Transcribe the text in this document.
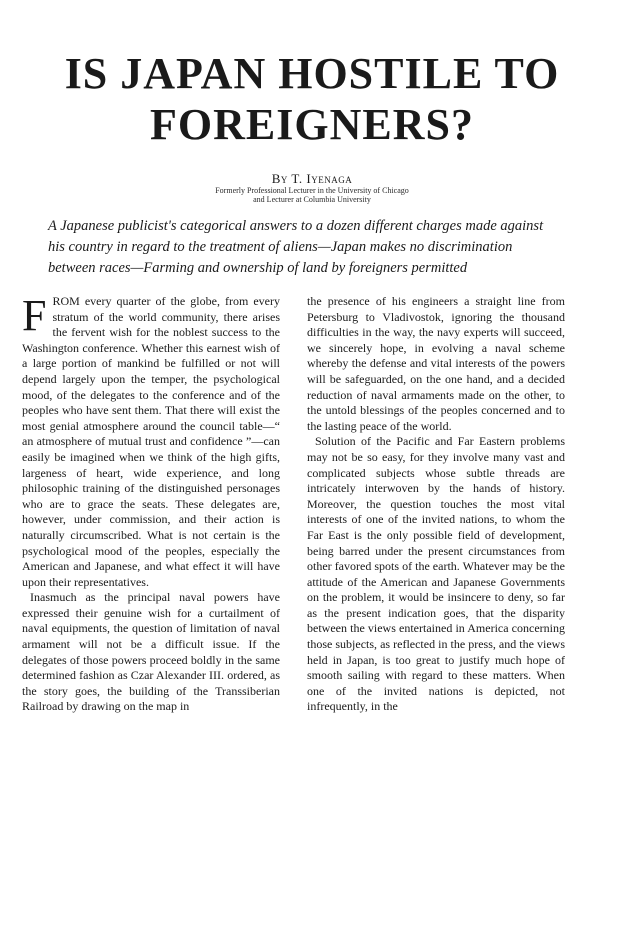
IS JAPAN HOSTILE TO
FOREIGNERS?

By T. Iyenaga

Formerly Professional Lecturer in the University of Chicago

and Lecturer at Columbia University

A Japanese publicist's categorical answers to a dozen different charges made against his country in regard to the treatment of aliens—Japan makes no discrimination between races—Farming and ownership of land by foreigners permitted

FROM every quarter of the globe, from every stratum of the world community, there arises the fervent wish for the noblest success to the Washington conference. Whether this earnest wish of a large portion of mankind be fulfilled or not will depend largely upon the temper, the psychological mood, of the delegates to the conference and of the peoples who have sent them. That there will exist the most genial atmosphere around the council table—“ an atmosphere of mutual trust and confidence ”—can easily be imagined when we think of the high gifts, largeness of heart, wide experience, and long philosophic training of the distinguished personages who are to grace the seats. These delegates are, however, under commission, and their action is naturally circumscribed. What is not certain is the psychological mood of the peoples, especially the American and Japanese, and what effect it will have upon their representatives.

Inasmuch as the principal naval powers have expressed their genuine wish for a curtailment of naval equipments, the question of limitation of naval armament will not be a difficult issue. If the delegates of those powers proceed boldly in the same determined fashion as Czar Alexander III. ordered, as the story goes, the building of the Transsiberian Railroad by drawing on the map in

the presence of his engineers a straight line from Petersburg to Vladivostok, ignoring the thousand difficulties in the way, the navy experts will succeed, we sincerely hope, in evolving a naval scheme whereby the defense and vital interests of the powers will be safeguarded, on the one hand, and a decided reduction of naval armaments made on the other, to the untold blessings of the peoples concerned and to the lasting peace of the world.

Solution of the Pacific and Far Eastern problems may not be so easy, for they involve many vast and complicated subjects whose subtle threads are intricately interwoven by the hands of history. Moreover, the question touches the most vital interests of one of the invited nations, to whom the Far East is the only possible field of development, being barred under the present circumstances from other favored spots of the earth. Whatever may be the attitude of the American and Japanese Governments on the problem, it would be insincere to deny, so far as the present indication goes, that the disparity between the views entertained in America concerning those subjects, as reflected in the press, and the views held in Japan, is too great to justify much hope of smooth sailing with regard to these matters. When one of the invited nations is depicted, not infrequently, in the
